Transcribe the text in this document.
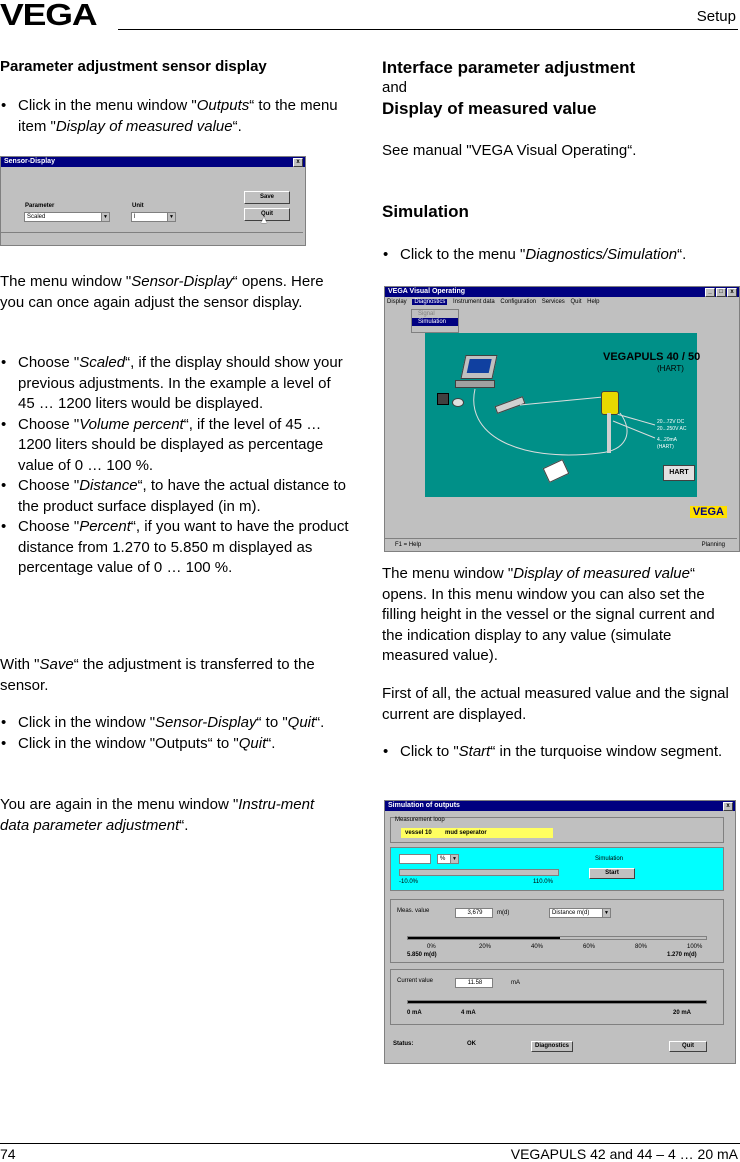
VEGA	Setup
Parameter adjustment sensor display
• Click in the menu window "Outputs“ to the menu item "Display of measured value“.
Sensor-Display	x
Parameter
Scaled	▼
Unit
l	▼
Save
Quit
▲
The menu window "Sensor-Display“ opens. Here you can once again adjust the sensor display.
• Choose "Scaled“, if the display should show your previous adjustments. In the example a level of 45 … 1200 liters would be displayed.
• Choose "Volume percent“, if the level of 45 … 1200 liters should be displayed as percentage value of 0 … 100 %.
• Choose "Distance“, to have the actual distance to the product surface displayed (in m).
• Choose "Percent“, if you want to have the product distance from 1.270 to 5.850 m displayed as percentage value of 0 … 100 %.
With "Save“ the adjustment is transferred to the sensor.
• Click in the window "Sensor-Display“ to "Quit“.
• Click in the window "Outputs“ to "Quit“.
You are again in the menu window "Instru-ment data parameter adjustment“.
Interface parameter adjustment
and
Display of measured value
See manual "VEGA Visual Operating“.
Simulation
• Click to the menu "Diagnostics/Simulation“.
VEGA Visual Operating	_	□	x
Display Diagnostics Instrument data Configuration Services Quit Help
Signal
Simulation
VEGAPULS 40 / 50
(HART)
20...72V DC
20...250V AC
4...20mA
(HART)
HART
VEGA
F1 = Help	Planning
The menu window "Display of measured value“ opens. In this menu window you can also set the filling height in the vessel or the signal current and the indication display to any value (simulate measured value).
First of all, the actual measured value and the signal current are displayed.
• Click to "Start“ in the turquoise window segment.
Simulation of outputs	x
Measurement loop
vessel 10        mud seperator
%	▼	Simulation
Start
-10.0%	110.0%
Meas. value	3,679	m(d)	Distance m(d)	▼
0%	20%	40%	60%	80%	100%
5.850 m(d)	1.270 m(d)
Current value	11.58	mA
0 mA	4 mA	20 mA
Status:	OK	Diagnostics	Quit
74	VEGAPULS 42 and 44 – 4 … 20 mA
